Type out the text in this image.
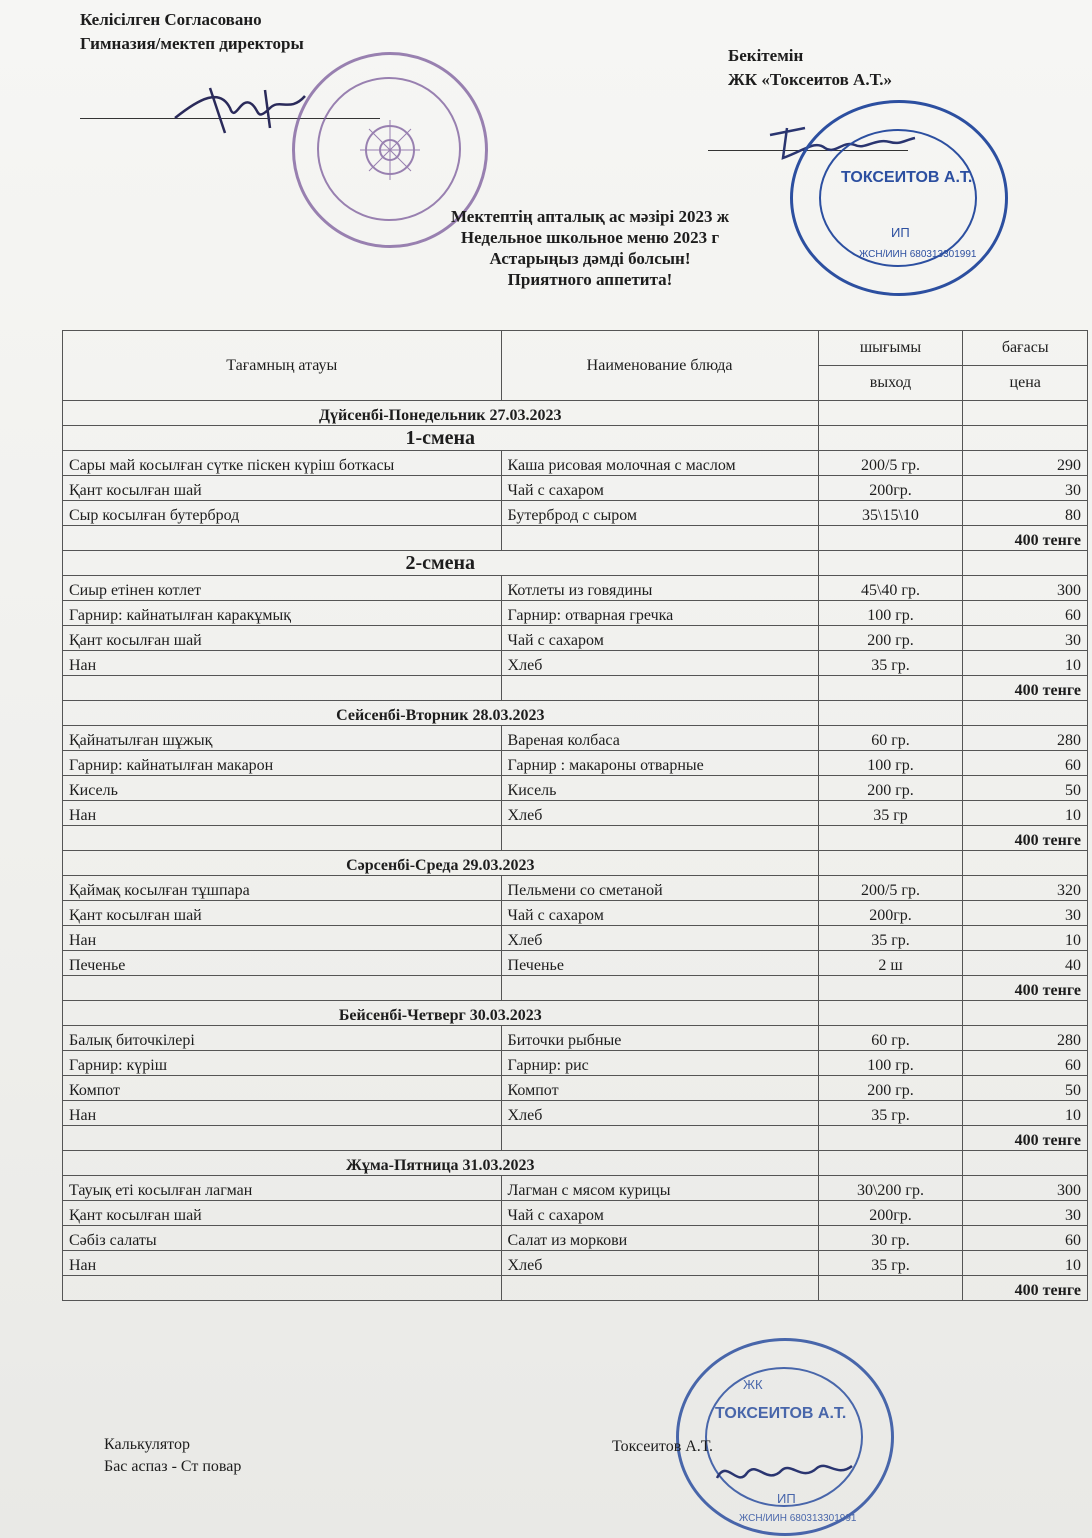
Келісілген Согласовано
Гимназия/мектеп директоры
Бекітемін
ЖК «Токсеитов А.Т.»
ТОКСЕИТОВ А.Т.
ИП
ЖСН/ИИН 680313301991
Мектептің апталық ас мәзірі 2023 ж
Недельное школьное меню 2023 г
Астарыңыз дәмді болсын!
Приятного аппетита!
Тағамның атауы	Наименование блюда	шығымы	бағасы
		выход	цена
Дүйсенбі-Понедельник 27.03.2023			
1-смена			
Сары май косылған сүтке піскен күріш боткасы	Каша рисовая молочная с маслом	200/5 гр.	290
Қант косылған шай	Чай с сахаром	200гр.	30
Сыр косылған бутерброд	Бутерброд с сыром	35\15\10	80
			400 тенге
2-смена			
Сиыр етінен котлет	Котлеты из говядины	45\40 гр.	300
Гарнир: кайнатылған каракұмық	Гарнир: отварная гречка	100 гр.	60
Қант косылған шай	Чай с сахаром	200 гр.	30
Нан	Хлеб	35 гр.	10
			400 тенге
Сейсенбі-Вторник 28.03.2023			
Қайнатылған шұжық	Вареная колбаса	60 гр.	280
Гарнир: кайнатылған макарон	Гарнир : макароны отварные	100 гр.	60
Кисель	Кисель	200 гр.	50
Нан	Хлеб	35 гр	10
			400 тенге
Сәрсенбі-Среда 29.03.2023			
Қаймақ косылған тұшпара	Пельмени со сметаной	200/5 гр.	320
Қант косылған шай	Чай с сахаром	200гр.	30
Нан	Хлеб	35 гр.	10
Печенье	Печенье	2 ш	40
			400 тенге
Бейсенбі-Четверг 30.03.2023			
Балық биточкілері	Биточки рыбные	60 гр.	280
Гарнир: күріш	Гарнир: рис	100 гр.	60
Компот	Компот	200 гр.	50
Нан	Хлеб	35 гр.	10
			400 тенге
Жұма-Пятница 31.03.2023			
Тауық еті косылған лагман	Лагман с мясом курицы	30\200 гр.	300
Қант косылған шай	Чай с сахаром	200гр.	30
Сәбіз салаты	Салат из моркови	30 гр.	60
Нан	Хлеб	35 гр.	10
			400 тенге
ЖК
ТОКСЕИТОВ А.Т.
ИП
ЖСН/ИИН 680313301991
Калькулятор
Бас аспаз - Ст повар
Токсеитов А.Т.
